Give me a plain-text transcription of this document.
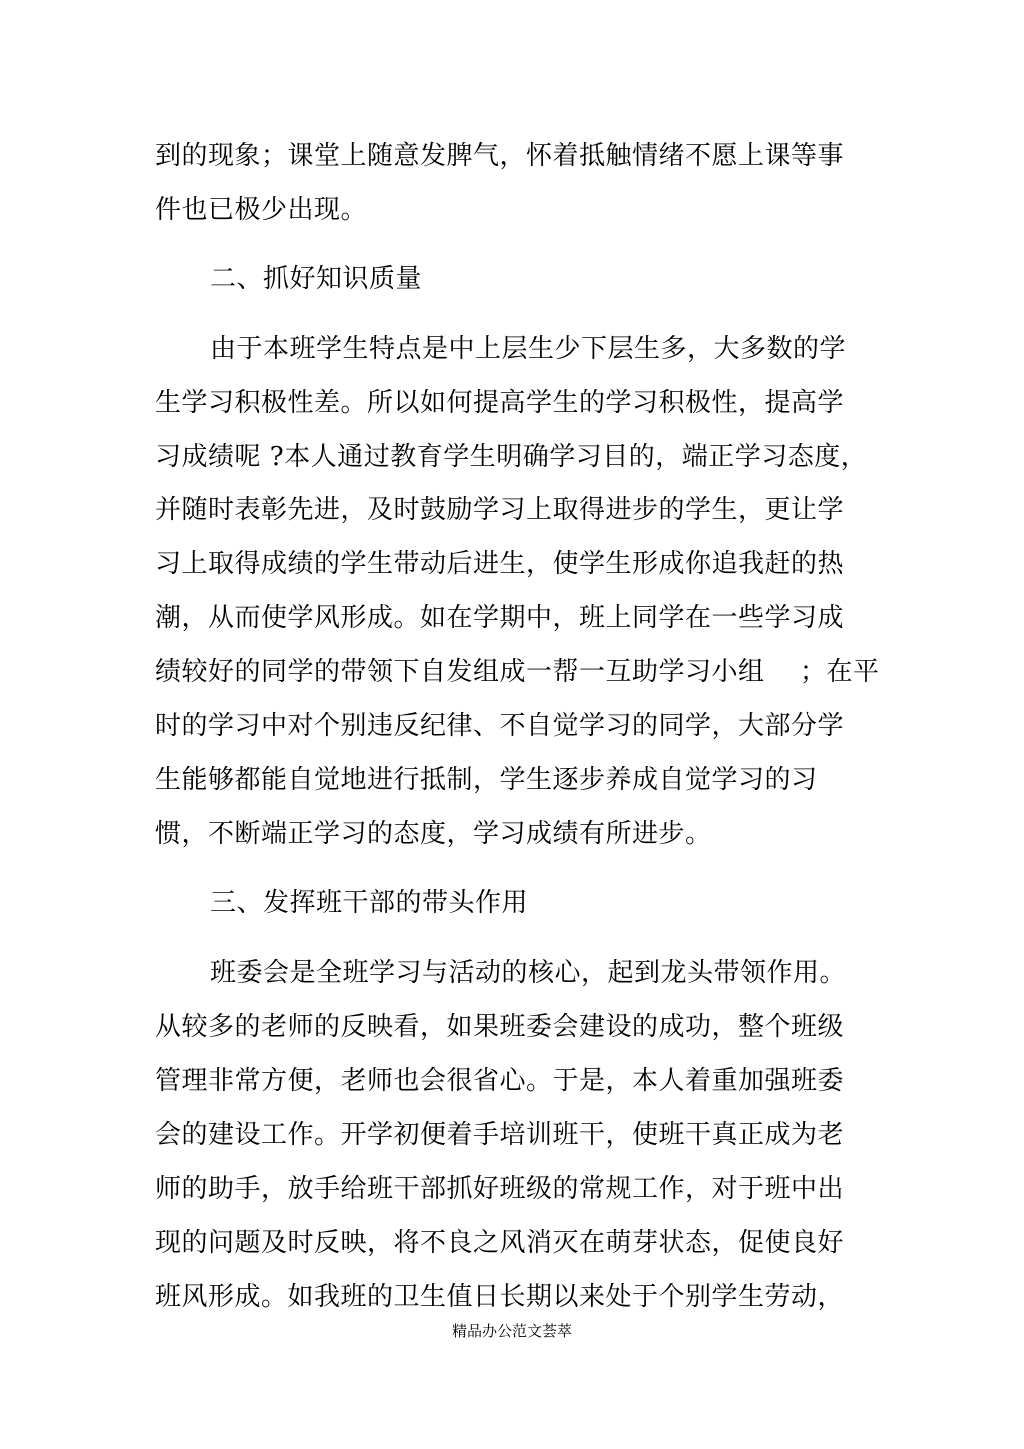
到的现象；课堂上随意发脾气，怀着抵触情绪不愿上课等事
件也已极少出现。
二、抓好知识质量
由于本班学生特点是中上层生少下层生多，大多数的学
生学习积极性差。所以如何提高学生的学习积极性，提高学
习成绩呢 ?本人通过教育学生明确学习目的，端正学习态度，
并随时表彰先进，及时鼓励学习上取得进步的学生，更让学
习上取得成绩的学生带动后进生，使学生形成你追我赶的热
潮，从而使学风形成。如在学期中，班上同学在一些学习成
绩较好的同学的带领下自发组成一帮一互助学习小组 ；在平
时的学习中对个别违反纪律、不自觉学习的同学，大部分学
生能够都能自觉地进行抵制，学生逐步养成自觉学习的习
惯，不断端正学习的态度，学习成绩有所进步。
三、发挥班干部的带头作用
班委会是全班学习与活动的核心，起到龙头带领作用。
从较多的老师的反映看，如果班委会建设的成功，整个班级
管理非常方便，老师也会很省心。于是，本人着重加强班委
会的建设工作。开学初便着手培训班干，使班干真正成为老
师的助手，放手给班干部抓好班级的常规工作，对于班中出
现的问题及时反映，将不良之风消灭在萌芽状态，促使良好
班风形成。如我班的卫生值日长期以来处于个别学生劳动，
精品办公范文荟萃
